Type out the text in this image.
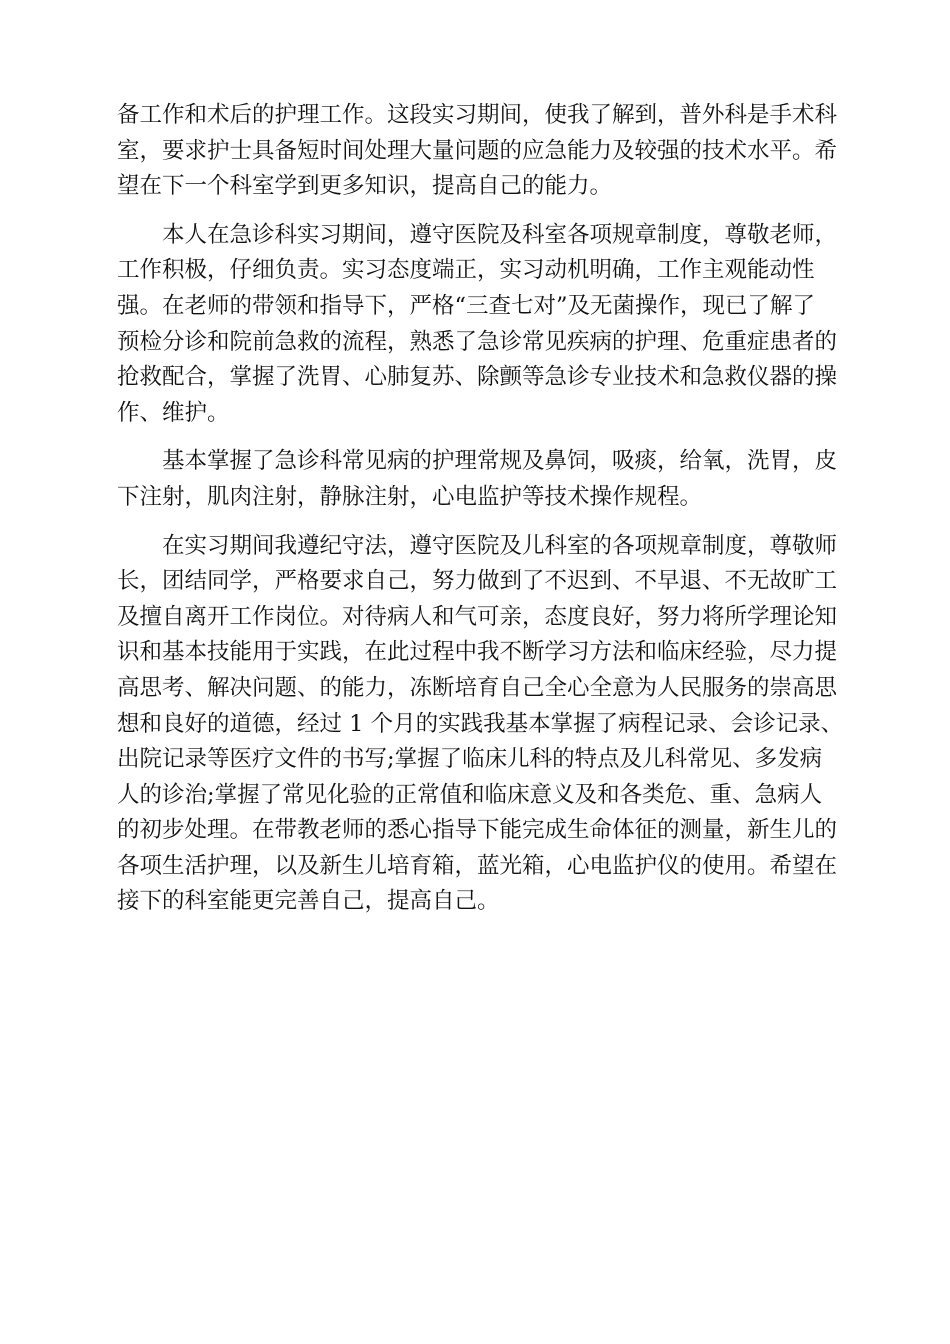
备工作和术后的护理工作。这段实习期间，使我了解到，普外科是手术科
室，要求护士具备短时间处理大量问题的应急能力及较强的技术水平。希
望在下一个科室学到更多知识，提高自己的能力。

本人在急诊科实习期间，遵守医院及科室各项规章制度，尊敬老师，
工作积极，仔细负责。实习态度端正，实习动机明确，工作主观能动性
强。在老师的带领和指导下，严格“三查七对”及无菌操作，现已了解了
预检分诊和院前急救的流程，熟悉了急诊常见疾病的护理、危重症患者的
抢救配合，掌握了洗胃、心肺复苏、除颤等急诊专业技术和急救仪器的操
作、维护。

基本掌握了急诊科常见病的护理常规及鼻饲，吸痰，给氧，洗胃，皮
下注射，肌肉注射，静脉注射，心电监护等技术操作规程。

在实习期间我遵纪守法，遵守医院及儿科室的各项规章制度，尊敬师
长，团结同学，严格要求自己，努力做到了不迟到、不早退、不无故旷工
及擅自离开工作岗位。对待病人和气可亲，态度良好，努力将所学理论知
识和基本技能用于实践，在此过程中我不断学习方法和临床经验，尽力提
高思考、解决问题、的能力，冻断培育自己全心全意为人民服务的崇高思
想和良好的道德，经过 1 个月的实践我基本掌握了病程记录、会诊记录、
出院记录等医疗文件的书写;掌握了临床儿科的特点及儿科常见、多发病
人的诊治;掌握了常见化验的正常值和临床意义及和各类危、重、急病人
的初步处理。在带教老师的悉心指导下能完成生命体征的测量，新生儿的
各项生活护理，以及新生儿培育箱，蓝光箱，心电监护仪的使用。希望在
接下的科室能更完善自己，提高自己。
